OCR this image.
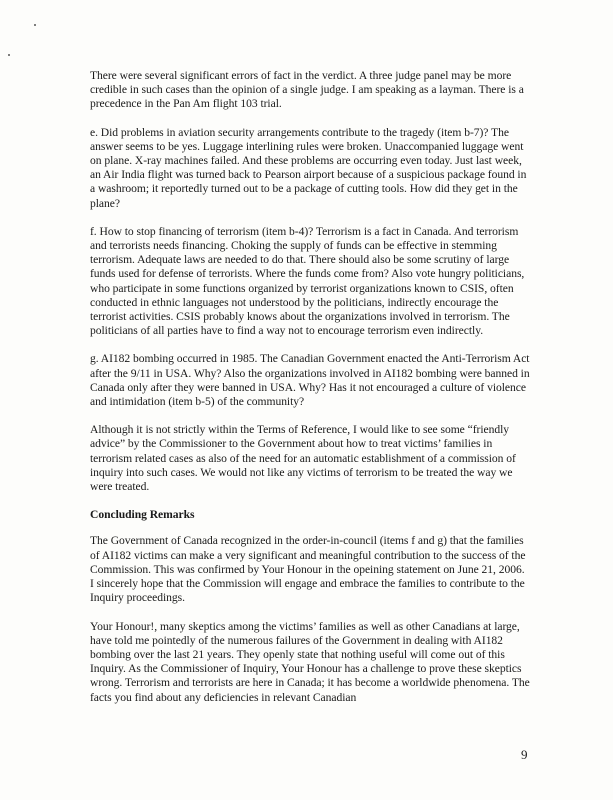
There were several significant errors of fact in the verdict. A three judge panel may be more credible in such cases than the opinion of a single judge. I am speaking as a layman. There is a precedence in the Pan Am flight 103 trial.

e. Did problems in aviation security arrangements contribute to the tragedy (item b-7)? The answer seems to be yes. Luggage interlining rules were broken. Unaccompanied luggage went on plane. X-ray machines failed. And these problems are occurring even today. Just last week, an Air India flight was turned back to Pearson airport because of a suspicious package found in a washroom; it reportedly turned out to be a package of cutting tools. How did they get in the plane?

f. How to stop financing of terrorism (item b-4)? Terrorism is a fact in Canada. And terrorism and terrorists needs financing. Choking the supply of funds can be effective in stemming terrorism. Adequate laws are needed to do that. There should also be some scrutiny of large funds used for defense of terrorists. Where the funds come from? Also vote hungry politicians, who participate in some functions organized by terrorist organizations known to CSIS, often conducted in ethnic languages not understood by the politicians, indirectly encourage the terrorist activities. CSIS probably knows about the organizations involved in terrorism. The politicians of all parties have to find a way not to encourage terrorism even indirectly.

g. AI182 bombing occurred in 1985. The Canadian Government enacted the Anti-Terrorism Act after the 9/11 in USA. Why? Also the organizations involved in AI182 bombing were banned in Canada only after they were banned in USA. Why? Has it not encouraged a culture of violence and intimidation (item b-5) of the community?

Although it is not strictly within the Terms of Reference, I would like to see some “friendly advice” by the Commissioner to the Government about how to treat victims’ families in terrorism related cases as also of the need for an automatic establishment of a commission of inquiry into such cases. We would not like any victims of terrorism to be treated the way we were treated.

Concluding Remarks

The Government of Canada recognized in the order-in-council (items f and g) that the families of AI182 victims can make a very significant and meaningful contribution to the success of the Commission. This was confirmed by Your Honour in the opeining statement on June 21, 2006. I sincerely hope that the Commission will engage and embrace the families to contribute to the Inquiry proceedings.

Your Honour!, many skeptics among the victims’ families as well as other Canadians at large, have told me pointedly of the numerous failures of the Government in dealing with AI182 bombing over the last 21 years. They openly state that nothing useful will come out of this Inquiry. As the Commissioner of Inquiry, Your Honour has a challenge to prove these skeptics wrong. Terrorism and terrorists are here in Canada; it has become a worldwide phenomena. The facts you find about any deficiencies in relevant Canadian

9
